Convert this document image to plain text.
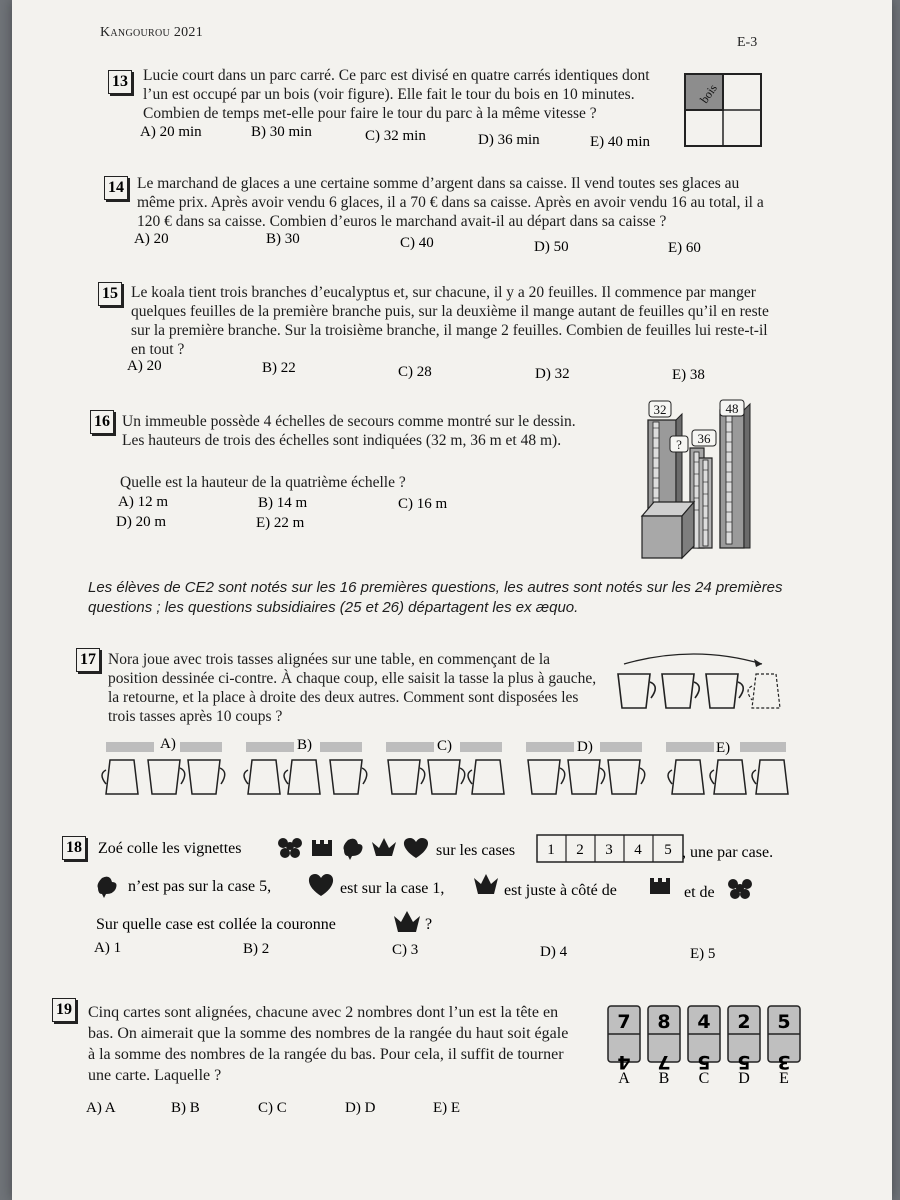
Kangourou 2021
E-3
13 Lucie court dans un parc carré. Ce parc est divisé en quatre carrés identiques dont l’un est occupé par un bois (voir figure). Elle fait le tour du bois en 10 minutes. Combien de temps met-elle pour faire le tour du parc à la même vitesse ?
A) 20 min	B) 30 min	C) 32 min	D) 36 min	E) 40 min
bois
14 Le marchand de glaces a une certaine somme d’argent dans sa caisse. Il vend toutes ses glaces au même prix. Après avoir vendu 6 glaces, il a 70 € dans sa caisse. Après en avoir vendu 16 au total, il a 120 € dans sa caisse. Combien d’euros le marchand avait-il au départ dans sa caisse ?
A) 20	B) 30	C) 40	D) 50	E) 60
15 Le koala tient trois branches d’eucalyptus et, sur chacune, il y a 20 feuilles. Il commence par manger quelques feuilles de la première branche puis, sur la deuxième il mange autant de feuilles qu’il en reste sur la première branche. Sur la troisième branche, il mange 2 feuilles. Combien de feuilles lui reste-t-il en tout ?
A) 20	B) 22	C) 28	D) 32	E) 38
16 Un immeuble possède 4 échelles de secours comme montré sur le dessin. Les hauteurs de trois des échelles sont indiquées (32 m, 36 m et 48 m).
Quelle est la hauteur de la quatrième échelle ?
A) 12 m	B) 14 m	C) 16 m
D) 20 m	E) 22 m
32	48
? 36
Les élèves de CE2 sont notés sur les 16 premières questions, les autres sont notés sur les 24 premières questions ; les questions subsidiaires (25 et 26) départagent les ex æquo.
17 Nora joue avec trois tasses alignées sur une table, en commençant de la position dessinée ci-contre. À chaque coup, elle saisit la tasse la plus à gauche, la retourne, et la place à droite des deux autres. Comment sont disposées les trois tasses après 10 coups ?
A)	B)	C)	D)	E)
18 Zoé colle les vignettes	sur les cases 1 2 3 4 5 , une par case.
n’est pas sur la case 5,	est sur la case 1,	est juste à côté de	et de
Sur quelle case est collée la couronne	?
A) 1	B) 2	C) 3	D) 4	E) 5
19 Cinq cartes sont alignées, chacune avec 2 nombres dont l’un est la tête en bas. On aimerait que la somme des nombres de la rangée du haut soit égale à la somme des nombres de la rangée du bas. Pour cela, il suffit de tourner une carte. Laquelle ?
A) A	B) B	C) C	D) D	E) E
7
4
A
8
7
B
4
5
C
2
5
D
5
3
E
